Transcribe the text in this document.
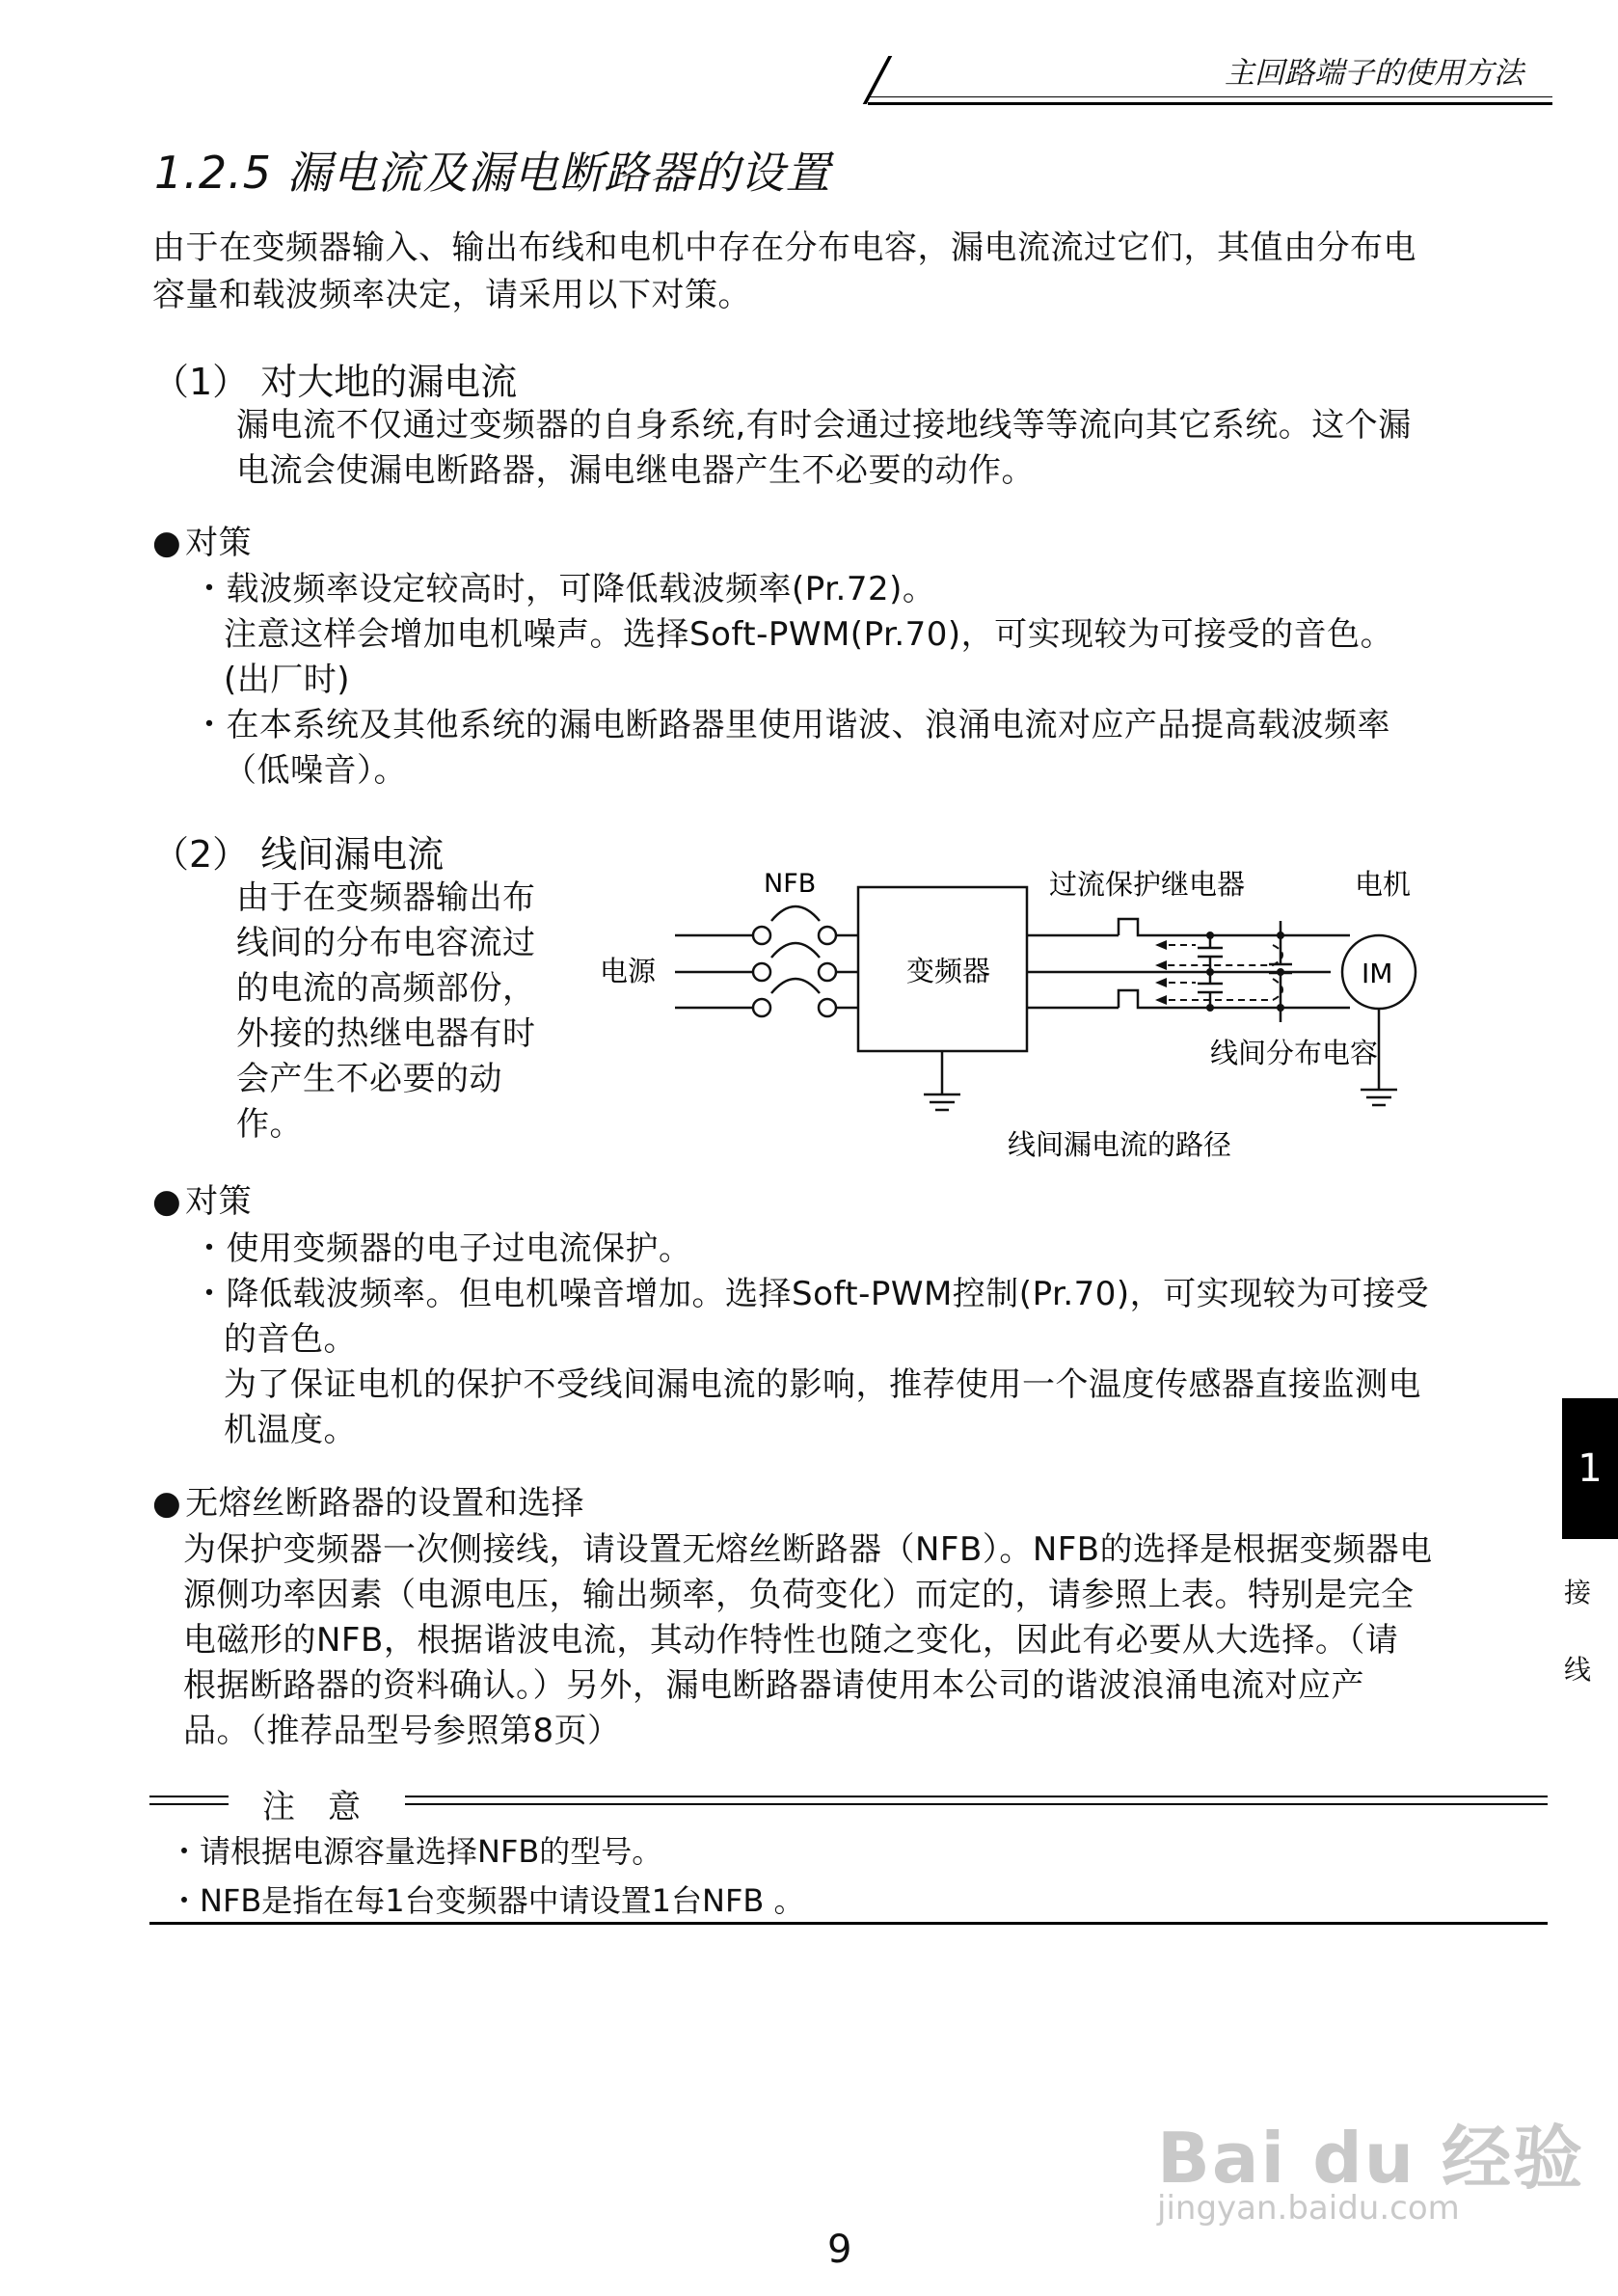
主回路端子的使用方法
1.2.5 漏电流及漏电断路器的设置
由于在变频器输入、输出布线和电机中存在分布电容，漏电流流过它们，其值由分布电
容量和载波频率决定，请采用以下对策。
（1） 对大地的漏电流
漏电流不仅通过变频器的自身系统,有时会通过接地线等等流向其它系统。这个漏
电流会使漏电断路器，漏电继电器产生不必要的动作。
● 对策
・载波频率设定较高时，可降低载波频率(Pr.72)。
注意这样会增加电机噪声。选择Soft-PWM(Pr.70)，可实现较为可接受的音色。
(出厂时)
・在本系统及其他系统的漏电断路器里使用谐波、浪涌电流对应产品提高载波频率
（低噪音）。
（2） 线间漏电流
由于在变频器输出布
线间的分布电容流过
的电流的高频部份，
外接的热继电器有时
会产生不必要的动
作。
NFB
电源	变频器
过流保护继电器	电机
IM
线间分布电容
线间漏电流的路径
● 对策
・使用变频器的电子过电流保护。
・降低载波频率。但电机噪音增加。选择Soft-PWM控制(Pr.70)，可实现较为可接受
的音色。
为了保证电机的保护不受线间漏电流的影响，推荐使用一个温度传感器直接监测电
机温度。
● 无熔丝断路器的设置和选择
为保护变频器一次侧接线，请设置无熔丝断路器（NFB）。NFB的选择是根据变频器电
源侧功率因素（电源电压，输出频率，负荷变化）而定的，请参照上表。特别是完全
电磁形的NFB，根据谐波电流，其动作特性也随之变化，因此有必要从大选择。（请
根据断路器的资料确认。）另外，漏电断路器请使用本公司的谐波浪涌电流对应产
品。（推荐品型号参照第8页）
注　意
・请根据电源容量选择NFB的型号。
・NFB是指在每1台变频器中请设置1台NFB 。
1
接
线
Bai du 经验
jingyan.baidu.com
9
